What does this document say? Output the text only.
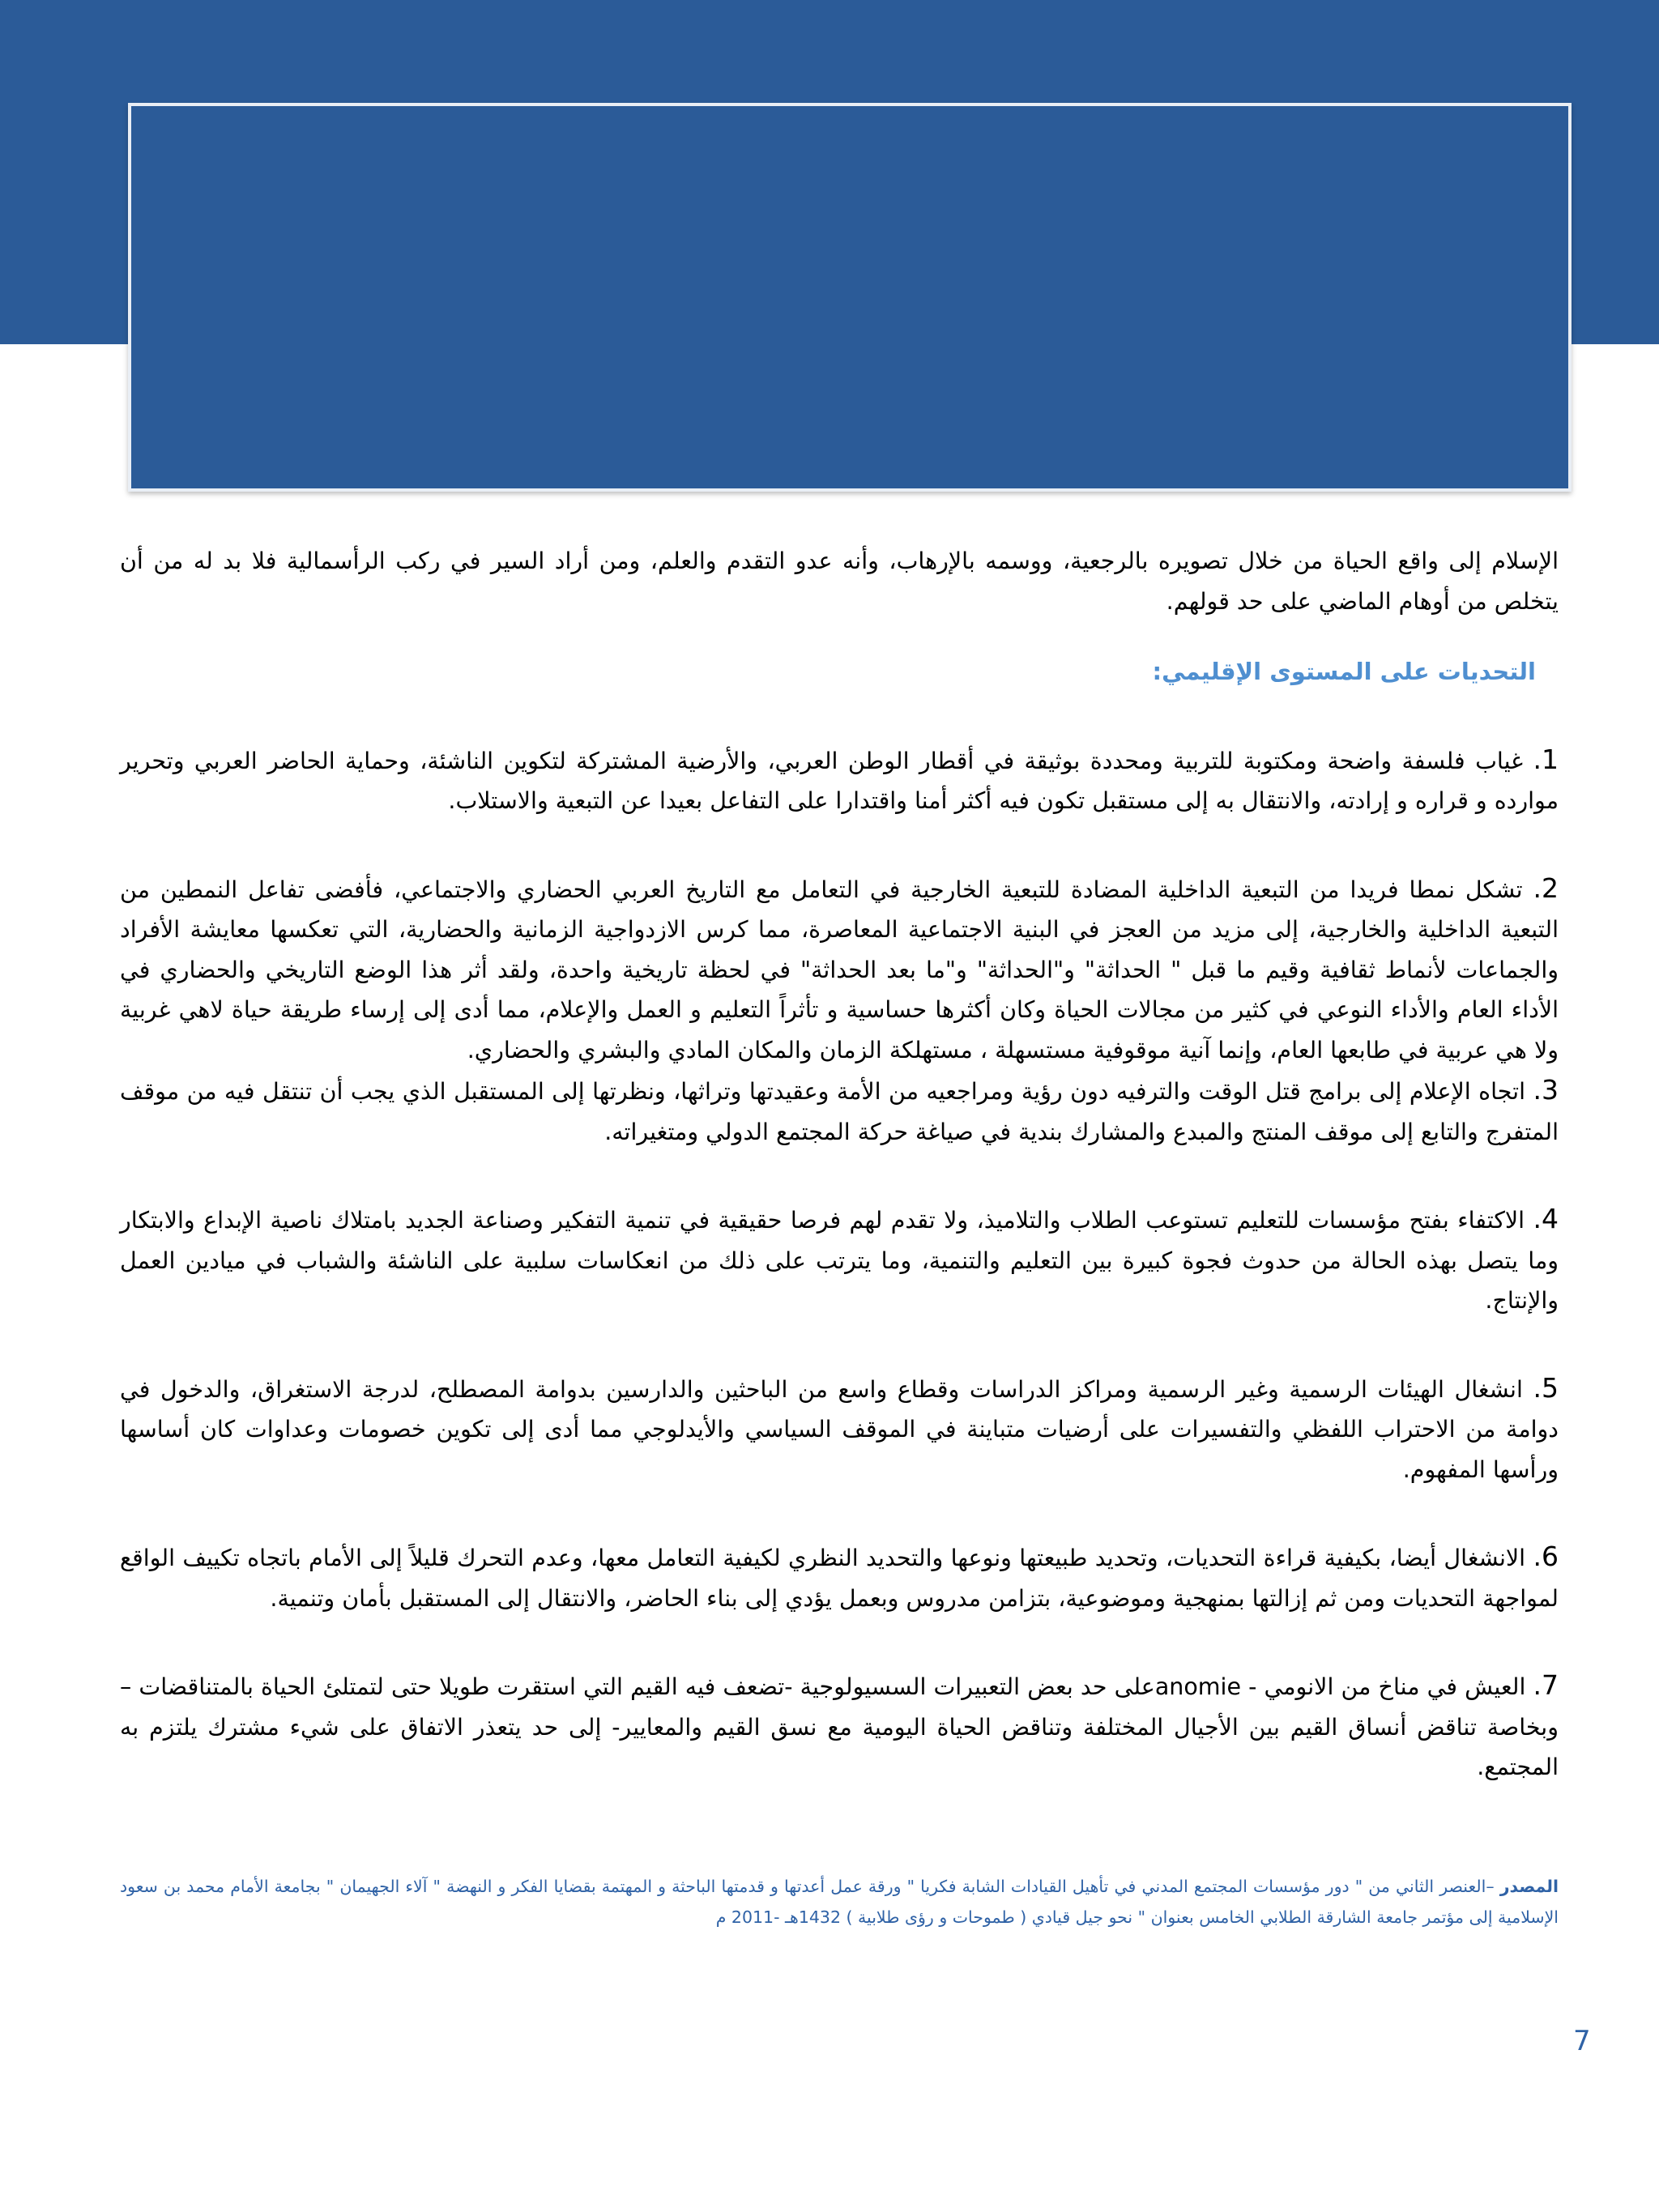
الإسلام إلى واقع الحياة من خلال تصويره بالرجعية، ووسمه بالإرهاب، وأنه عدو التقدم والعلم، ومن أراد السير في ركب الرأسمالية فلا بد له من أن يتخلص من أوهام الماضي على حد قولهم.

التحديات على المستوى الإقليمي:

1. غياب فلسفة واضحة ومكتوبة للتربية ومحددة بوثيقة في أقطار الوطن العربي، والأرضية المشتركة لتكوين الناشئة، وحماية الحاضر العربي وتحرير موارده و قراره و إرادته، والانتقال به إلى مستقبل تكون فيه أكثر أمنا واقتدارا على التفاعل بعيدا عن التبعية والاستلاب.

2. تشكل نمطا فريدا من التبعية الداخلية المضادة للتبعية الخارجية في التعامل مع التاريخ العربي الحضاري والاجتماعي، فأفضى تفاعل النمطين من التبعية الداخلية والخارجية، إلى مزيد من العجز في البنية الاجتماعية المعاصرة، مما كرس الازدواجية الزمانية والحضارية، التي تعكسها معايشة الأفراد والجماعات لأنماط ثقافية وقيم ما قبل " الحداثة" و"الحداثة" و"ما بعد الحداثة" في لحظة تاريخية واحدة، ولقد أثر هذا الوضع التاريخي والحضاري في الأداء العام والأداء النوعي في كثير من مجالات الحياة وكان أكثرها حساسية و تأثراً التعليم و العمل والإعلام، مما أدى إلى إرساء طريقة حياة لاهي غربية ولا هي عربية في طابعها العام، وإنما آنية موقوفية مستسهلة ، مستهلكة الزمان والمكان المادي والبشري والحضاري.

3. اتجاه الإعلام إلى برامج قتل الوقت والترفيه دون رؤية ومراجعيه من الأمة وعقيدتها وتراثها، ونظرتها إلى المستقبل الذي يجب أن تنتقل فيه من موقف المتفرج والتابع إلى موقف المنتج والمبدع والمشارك بندية في صياغة حركة المجتمع الدولي ومتغيراته.

4. الاكتفاء بفتح مؤسسات للتعليم تستوعب الطلاب والتلاميذ، ولا تقدم لهم فرصا حقيقية في تنمية التفكير وصناعة الجديد بامتلاك ناصية الإبداع والابتكار وما يتصل بهذه الحالة من حدوث فجوة كبيرة بين التعليم والتنمية، وما يترتب على ذلك من انعكاسات سلبية على الناشئة والشباب في ميادين العمل والإنتاج.

5. انشغال الهيئات الرسمية وغير الرسمية ومراكز الدراسات وقطاع واسع من الباحثين والدارسين بدوامة المصطلح، لدرجة الاستغراق، والدخول في دوامة من الاحتراب اللفظي والتفسيرات على أرضيات متباينة في الموقف السياسي والأيدلوجي مما أدى إلى تكوين خصومات وعداوات كان أساسها ورأسها المفهوم.

6. الانشغال أيضا، بكيفية قراءة التحديات، وتحديد طبيعتها ونوعها والتحديد النظري لكيفية التعامل معها، وعدم التحرك قليلاً إلى الأمام باتجاه تكييف الواقع لمواجهة التحديات ومن ثم إزالتها بمنهجية وموضوعية، بتزامن مدروس وبعمل يؤدي إلى بناء الحاضر، والانتقال إلى المستقبل بأمان وتنمية.

7. العيش في مناخ من الانومي - anomieعلى حد بعض التعبيرات السسيولوجية -تضعف فيه القيم التي استقرت طويلا حتى لتمتلئ الحياة بالمتناقضات – وبخاصة تناقض أنساق القيم بين الأجيال المختلفة وتناقض الحياة اليومية مع نسق القيم والمعايير- إلى حد يتعذر الاتفاق على شيء مشترك يلتزم به المجتمع.

المصدر –العنصر الثاني من " دور مؤسسات المجتمع المدني في تأهيل القيادات الشابة فكريا " ورقة عمل أعدتها و قدمتها الباحثة و المهتمة بقضايا الفكر و النهضة " آلاء الجهيمان " بجامعة الأمام محمد بن سعود الإسلامية إلى مؤتمر جامعة الشارقة الطلابي الخامس بعنوان " نحو جيل قيادي ( طموحات و رؤى طلابية ) 1432هـ -2011 م
7
